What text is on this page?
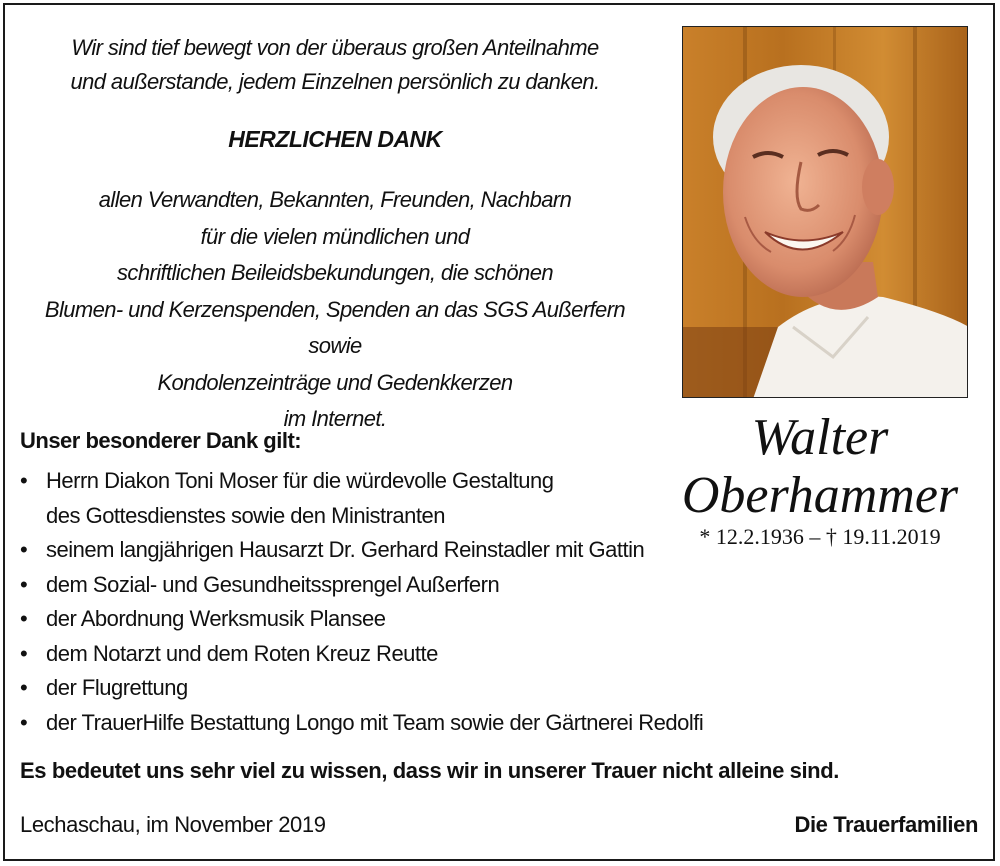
Wir sind tief bewegt von der überaus großen Anteilnahme
und außerstande, jedem Einzelnen persönlich zu danken.
HERZLICHEN DANK
allen Verwandten, Bekannten, Freunden, Nachbarn
für die vielen mündlichen und
schriftlichen Beileidsbekundungen, die schönen
Blumen- und Kerzenspenden, Spenden an das SGS Außerfern sowie
Kondolenzeinträge und Gedenkkerzen
im Internet.	Walter
Oberhammer
* 12.2.1936 – † 19.11.2019
Unser besonderer Dank gilt:
• Herrn Diakon Toni Moser für die würdevolle Gestaltung
des Gottesdienstes sowie den Ministranten
• seinem langjährigen Hausarzt Dr. Gerhard Reinstadler mit Gattin
• dem Sozial- und Gesundheitssprengel Außerfern
• der Abordnung Werksmusik Plansee
• dem Notarzt und dem Roten Kreuz Reutte
• der Flugrettung
• der TrauerHilfe Bestattung Longo mit Team sowie der Gärtnerei Redolfi
Es bedeutet uns sehr viel zu wissen, dass wir in unserer Trauer nicht alleine sind.
Lechaschau, im November 2019	Die Trauerfamilien
